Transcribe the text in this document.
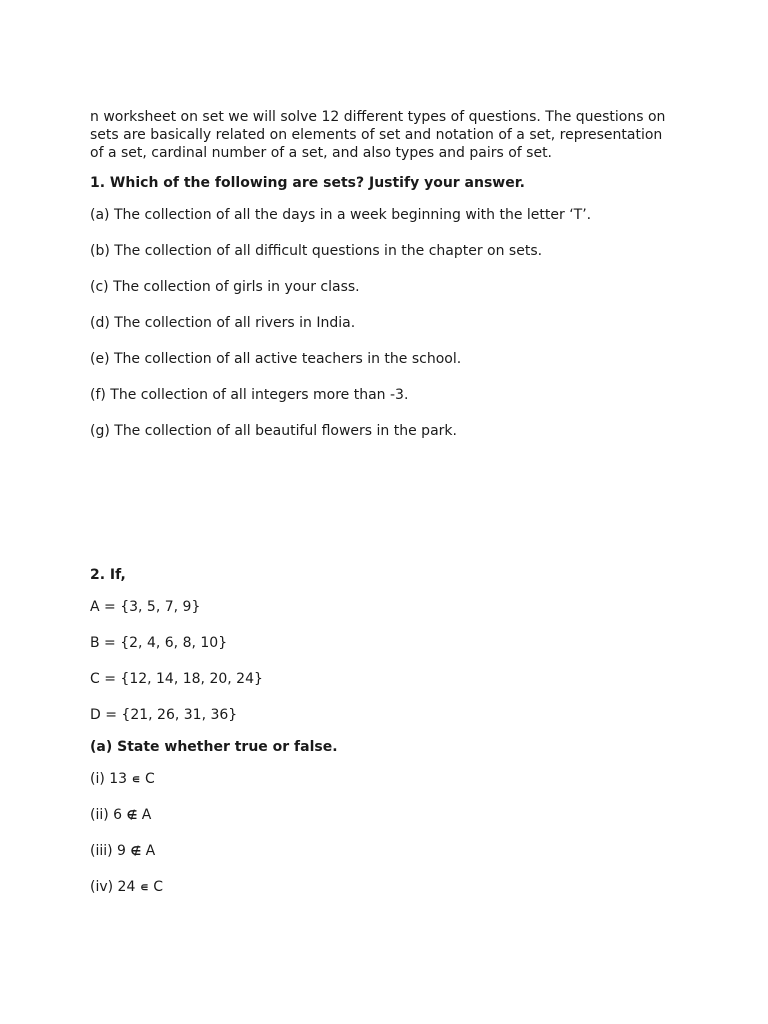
n worksheet on set we will solve 12 different types of questions. The questions on sets are basically related on elements of set and notation of a set, representation of a set, cardinal number of a set, and also types and pairs of set.

1. Which of the following are sets? Justify your answer.
(a) The collection of all the days in a week beginning with the letter ‘T’.
(b) The collection of all difficult questions in the chapter on sets.
(c) The collection of girls in your class.
(d) The collection of all rivers in India.
(e) The collection of all active teachers in the school.
(f) The collection of all integers more than -3.
(g) The collection of all beautiful flowers in the park.
2. If,
A = {3, 5, 7, 9}
B = {2, 4, 6, 8, 10}
C = {12, 14, 18, 20, 24}
D = {21, 26, 31, 36}
(a) State whether true or false.
(i) 13 ∊ C
(ii) 6 ∉ A
(iii) 9 ∉ A
(iv) 24 ∊ C
